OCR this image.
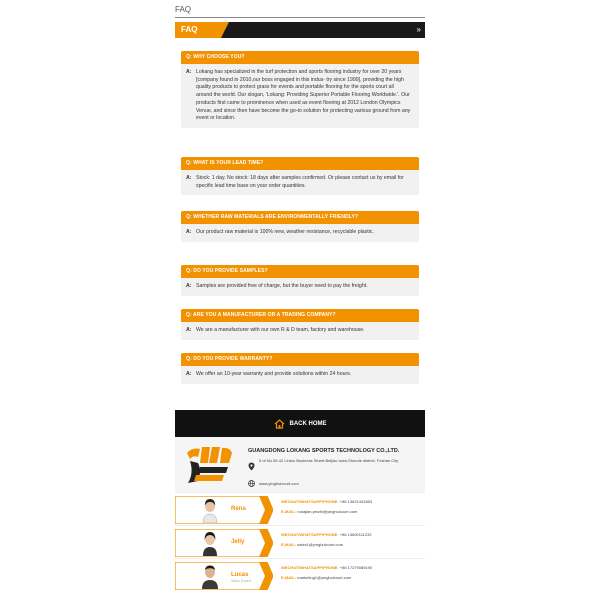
FAQ
FAQ	»
Q: WHY CHOOSE YOU?
A: Lokang has specialized in the turf protection and sports flooring industry for over 20 years [company found in 2010,our boss engaged in this indus- try since 1999], providing the high quality products to protect grass for events and portable flooring for the sports court all around the world. Our slogan, 'Lokang: Providing Superior Portable Flooring Worldwide.'. Our products first came to prominence when used as event flooring at 2012 London Olympics Venue, and since then have become the go-to solution for protecting various ground from any event or location.
Q: WHAT IS YOUR LEAD TIME?
A: Stock: 1 day. No stock: 18 days after samples confirmed. Or please contact us by email for specific lead time base on your order quantities.
Q: WHETHER RAW MATERIALS ARE ENVIRONMENTALLY FRIENDLY?
A: Our product raw material is 100% new, weather resistance, recyclable plastic.
Q: DO YOU PROVIDE SAMPLES?
A: Samples are provided free of charge, but the buyer need to pay the freight.
Q: ARE YOU A MANUFACTURER OR A TRADING COMPANY?
A: We are a manufacturer with our own R & D team, factory and warehouse.
Q: DO YOU PROVIDE WARRANTY?
A: We offer an 10-year warranty and provide solutions within 24 hours.
BACK HOME
GUANGDONG LOKANG SPORTS TECHNOLOGY CO.,LTD.
5 of No.39-42 Lintou Business Street,Beijiao town,Shunde district, Foshan City
www.yinghuicourt.com
Rena
WECHAT/WHATSAPP/PHONE: +86 13621442653
E-MAIL: ronajian.peizhi@yinghuicourt.com
Jelly
WECHAT/WHATSAPP/PHONE: +86 13692111232
E-MAIL: sales1@yinghuicourt.com
Lucas
Sales Expert
WECHAT/WHATSAPP/PHONE: +86 17279089190
E-MAIL: marketing1@yinghuicourt.com
